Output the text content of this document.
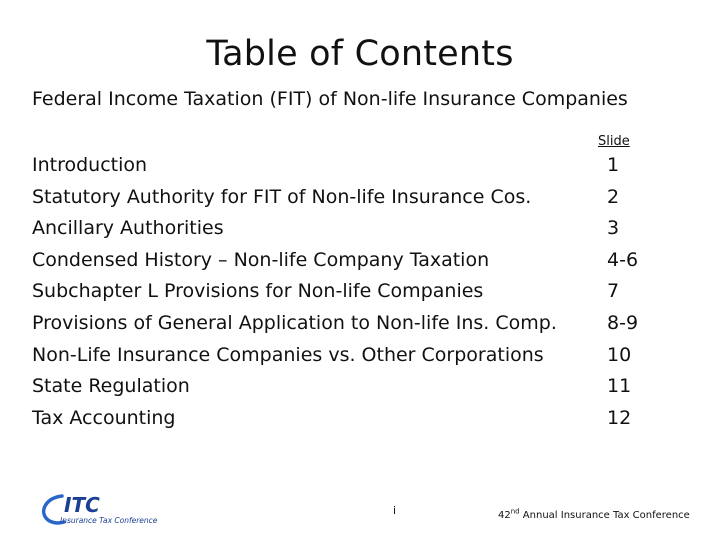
Table of Contents
Federal Income Taxation (FIT) of Non-life Insurance Companies
Slide
Introduction	1
Statutory Authority for FIT of Non-life Insurance Cos.	2
Ancillary Authorities	3
Condensed History – Non-life Company Taxation	4-6
Subchapter L Provisions for Non-life Companies	7
Provisions of General Application to Non-life Ins. Comp.	8-9
Non-Life Insurance Companies vs. Other Corporations	10
State Regulation	11
Tax Accounting	12
ITC
Insurance Tax Conference
i	42nd Annual Insurance Tax Conference
